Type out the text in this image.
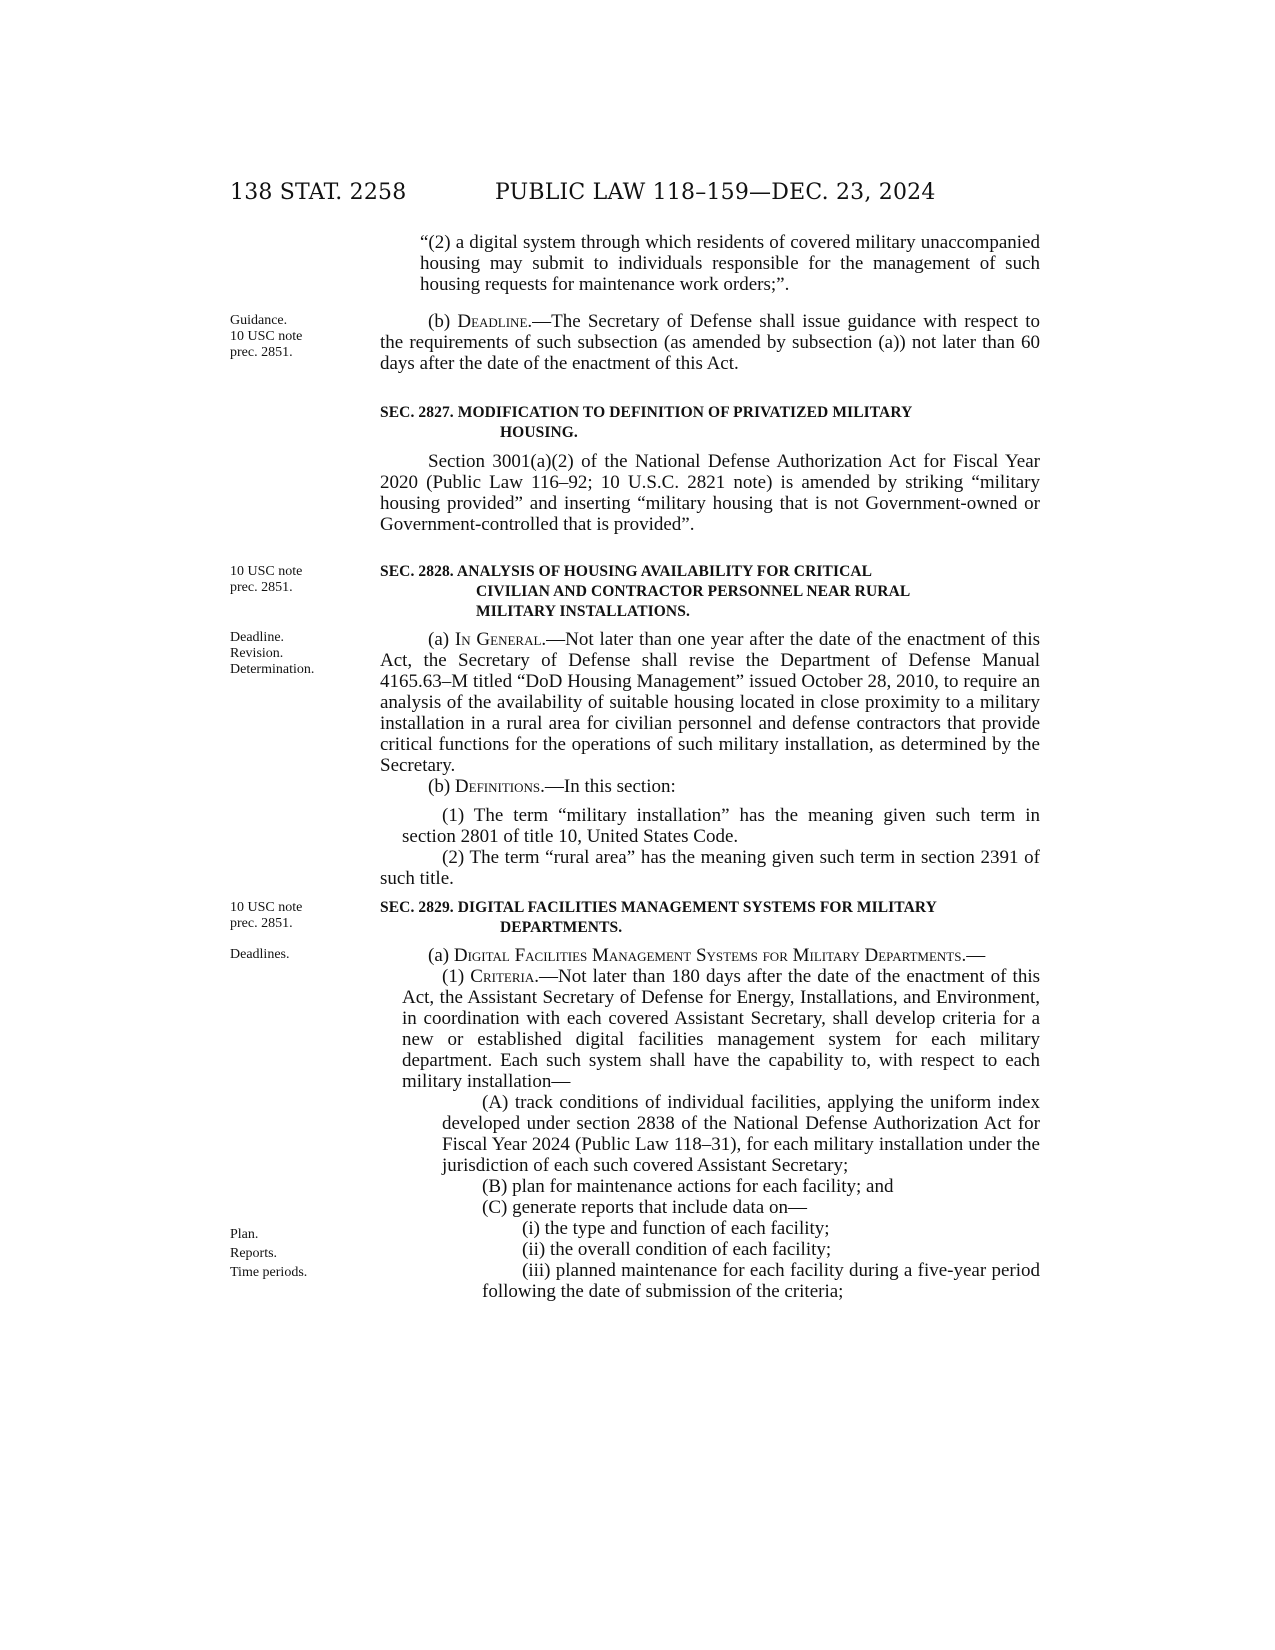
138 STAT. 2258	PUBLIC LAW 118–159—DEC. 23, 2024
Guidance.
10 USC note
prec. 2851.
10 USC note
prec. 2851.
Deadline.
Revision.
Determination.
10 USC note
prec. 2851.
Deadlines.
Plan.
Reports.
Time periods.

“(2) a digital system through which residents of covered military unaccompanied housing may submit to individuals responsible for the management of such housing requests for maintenance work orders;”.

(b) Deadline.—The Secretary of Defense shall issue guidance with respect to the requirements of such subsection (as amended by subsection (a)) not later than 60 days after the date of the enactment of this Act.

SEC. 2827. MODIFICATION TO DEFINITION OF PRIVATIZED MILITARY
HOUSING.

Section 3001(a)(2) of the National Defense Authorization Act for Fiscal Year 2020 (Public Law 116–92; 10 U.S.C. 2821 note) is amended by striking “military housing provided” and inserting “military housing that is not Government-owned or Government-controlled that is provided”.

SEC. 2828. ANALYSIS OF HOUSING AVAILABILITY FOR CRITICAL
CIVILIAN AND CONTRACTOR PERSONNEL NEAR RURAL
MILITARY INSTALLATIONS.

(a) In General.—Not later than one year after the date of the enactment of this Act, the Secretary of Defense shall revise the Department of Defense Manual 4165.63–M titled “DoD Housing Management” issued October 28, 2010, to require an analysis of the availability of suitable housing located in close proximity to a military installation in a rural area for civilian personnel and defense contractors that provide critical functions for the operations of such military installation, as determined by the Secretary.

(b) Definitions.—In this section:

(1) The term “military installation” has the meaning given such term in section 2801 of title 10, United States Code.

(2) The term “rural area” has the meaning given such term in section 2391 of such title.

SEC. 2829. DIGITAL FACILITIES MANAGEMENT SYSTEMS FOR MILITARY
DEPARTMENTS.

(a) Digital Facilities Management Systems for Military Departments.—

(1) Criteria.—Not later than 180 days after the date of the enactment of this Act, the Assistant Secretary of Defense for Energy, Installations, and Environment, in coordination with each covered Assistant Secretary, shall develop criteria for a new or established digital facilities management system for each military department. Each such system shall have the capability to, with respect to each military installation—

(A) track conditions of individual facilities, applying the uniform index developed under section 2838 of the National Defense Authorization Act for Fiscal Year 2024 (Public Law 118–31), for each military installation under the jurisdiction of each such covered Assistant Secretary;

(B) plan for maintenance actions for each facility; and

(C) generate reports that include data on—

(i) the type and function of each facility;

(ii) the overall condition of each facility;

(iii) planned maintenance for each facility during a five-year period following the date of submission of the criteria;
